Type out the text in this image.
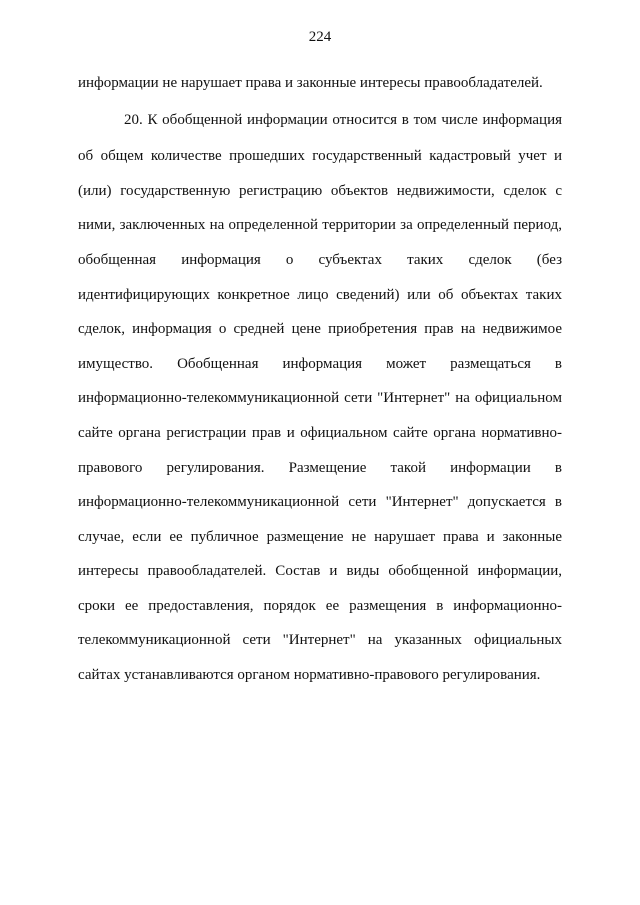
224
информации не нарушает права и законные интересы правообладателей.
20. К обобщенной информации относится в том числе информация
об общем количестве прошедших государственный кадастровый учет и
(или) государственную регистрацию объектов недвижимости, сделок с
ними, заключенных на определенной территории за определенный период,
обобщенная информация о субъектах таких сделок (без
идентифицирующих конкретное лицо сведений) или об объектах таких
сделок, информация о средней цене приобретения прав на недвижимое
имущество. Обобщенная информация может размещаться в
информационно-телекоммуникационной сети "Интернет" на официальном
сайте органа регистрации прав и официальном сайте органа нормативно-
правового регулирования. Размещение такой информации в
информационно-телекоммуникационной сети "Интернет" допускается в
случае, если ее публичное размещение не нарушает права и законные
интересы правообладателей. Состав и виды обобщенной информации,
сроки ее предоставления, порядок ее размещения в информационно-
телекоммуникационной сети "Интернет" на указанных официальных
сайтах устанавливаются органом нормативно-правового регулирования.
